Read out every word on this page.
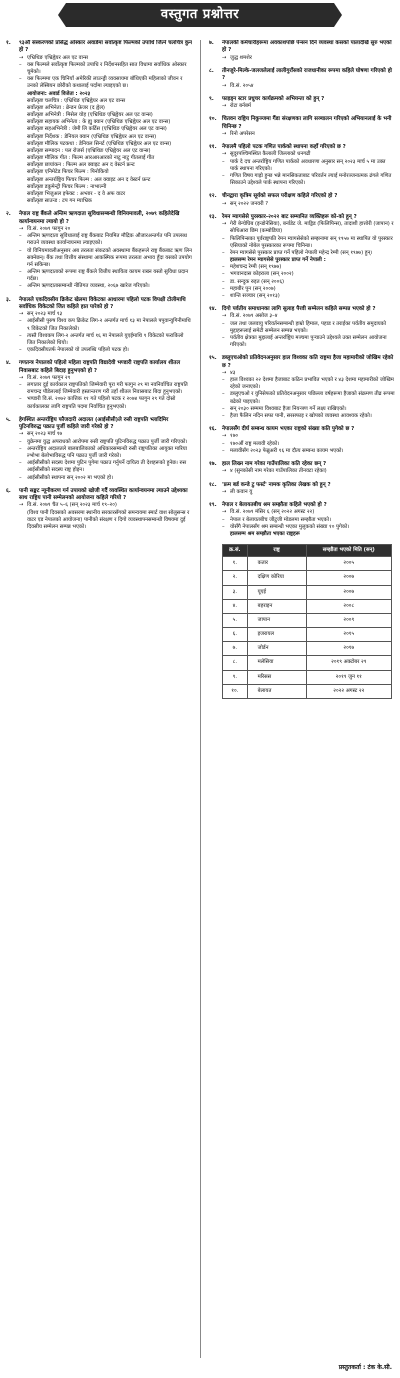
वस्तुगत प्रश्नोत्तर
१.	९३औं संस्करणको प्रसिद्ध ओस्कार अवार्डमा सर्वोत्कृष्ट फिल्मको उपाधि जित्ने चलचित्र कुन हो ?
→ एभ्रिथिङ एभ्रिह्वेयर अल एट वान्स
–	यस फिल्मले सर्वोत्कृष्ट फिल्मको उपाधि र निर्देशनसहित सात विधामा सर्वाधिक ओस्कार चुमेको।
–	यस फिल्ममा एक चिनियाँ अमेरिकी लाउन्ड्री व्यवसायमा बाँधिएकी महिलाको जीवन र उनको लेस्बियन छोरीको कथालाई पर्दामा ल्याइएको छ।
आयोजना: अवार्ड विजेता : २०२३
सर्वोत्कृष्ट चलचित्र : एभ्रिथिङ एभ्रिह्वेयर अल एट वान्स
सर्वोत्कृष्ट अभिनेता : ब्रेन्डन फ्रेजर (द ह्वेल)
सर्वोत्कृष्ट अभिनेत्री : मिसेल योह (एभ्रिथिङ एभ्रिह्वेयर अल एट वान्स)
सर्वोत्कृष्ट सहायक अभिनेता : के ह्यु क्वान (एभ्रिथिङ एभ्रिह्वेयर अल एट वान्स)
सर्वोत्कृष्ट सहअभिनेत्री : जेमी लि कर्टिस (एभ्रिथिङ एभ्रिह्वेयर अल एट वान्स)
सर्वोत्कृष्ट निर्देशक : डेनियल क्वान (एभ्रिथिङ एभ्रिह्वेयर अल एट वान्स)
सर्वोत्कृष्ट मौलिक पटकथा : डेनियल सिनर्ट (एभ्रिथिङ एभ्रिह्वेयर अल एट वान्स)
सर्वोत्कृष्ट सम्पादन : पल रोजर्स (एभ्रिथिङ एभ्रिह्वेयर अल एट वान्स)
सर्वोत्कृष्ट मौलिक गीत : फिल्म आरआरआरको नाटु नाटु गीतलाई गीत
सर्वोत्कृष्ट छायांकन : फिल्म अल क्वाइट अन द वेस्टर्न फ्रन्ट
सर्वोत्कृष्ट एनिमेटेड फिचर फिल्म : पिनोकियो
सर्वोत्कृष्ट अन्तर्राष्ट्रिय फिचर फिल्म : अल क्वाइट अन द वेस्टर्न फ्रन्ट
सर्वोत्कृष्ट डकुमेन्ट्री फिचर फिल्म : नाभाल्नी
सर्वोत्कृष्ट भिजुअल इफेक्ट : अभ्तार - द वे अफ वाटर
सर्वोत्कृष्ट साउन्ड : टप गन म्याभ्रिक
२.	नेपाल राष्ट्र बैंकले अन्तिम ऋणदाता सुविधासम्बन्धी विनियमावली, २०७९ कहिलेदेखि कार्यान्वयनमा ल्यायो हो ?
→ वि.सं. २०७९ फागुन २०
–	अन्तिम ऋणदाता सुविधालाई राष्ट्र बैंकबाट नियमित मौद्रिक औजारअन्तर्गत पनि उपलब्ध गराउने व्यवस्था कार्यान्वयनमा ल्याइएको।
–	यो विनियमावलीअनुसार अब तरलता संकटको अवस्थामा बैंकहरूले राष्ट्र बैंकबाट ऋण लिन सक्नेछन्। बैंक तथा वित्तीय संस्थामा आकस्मिक रूपमा तरलता अभाव हुँदा यसको उपयोग गर्न सकिन्छ।
–	अन्तिम ऋणदाताको रूपमा राष्ट्र बैंकले वित्तीय स्थायित्व कायम राख्न यस्तो सुविधा प्रदान गर्दछ।
–	अन्तिम ऋणदातासम्बन्धी नीतिगत व्यवस्था, २०६७ खारेज गरिएको।
३.	नेपालले एकदिवसीय क्रिकेट खेलमा विकेटका आधारमा पहिलो पटक विपक्षी टोलीमाथि सर्वाधिक विकेटको जित कहिले हात पारेको हो ?
→ सन् २०२३ मार्च १३
–	आईसीसी पुरुष विश्व कप क्रिकेट लिग-२ अन्तर्गत मार्च १३ मा नेपालले पपुवान्युगिनीमाथि ९ विकेटको जित निकालेको।
–	त्यस्तै विश्वकप लिग-२ अन्तर्गत मार्च १६ मा नेपालले युएईमाथि ९ विकेटको फराकिलो जित निकालेको थियो।
–	एकदिवसीयतर्फ नेपालको यो उपलब्धि पहिलो पटक हो।
४.	गणतन्त्र नेपालको पहिलो महिला राष्ट्रपति विद्यादेवी भण्डारी राष्ट्रपति कार्यालय शीतल निवासबाट कहिले बिदाइ हुनुभएको हो ?
→ वि.सं. २०७९ फागुन २९
–	लगातार दुई कार्यकाल राष्ट्रपतिको जिम्मेवारी पूरा गरी फागुन २९ मा नवनिर्वाचित राष्ट्रपति रामचन्द्र पौडेललाई जिम्मेवारी हस्तान्तरण गरी उहाँ शीतल निवासबाट बिदा हुनुभएको।
–	भण्डारी वि.सं. २०७२ कात्तिक ११ गते पहिलो पटक र २०७४ फागुन २९ गते दोस्रो कार्यकालका लागि राष्ट्रपति पदमा निर्वाचित हुनुभएको।
५.	हेगस्थित अन्तर्राष्ट्रिय फौजदारी अदालत (आईसीसी)ले रुसी राष्ट्रपति भ्लादिमिर पुटिनविरुद्ध पक्राउ पुर्जी कहिले जारी गरेको हो ?
→ सन् २०२३ मार्च १७
–	युक्रेनमा युद्ध अपराधको आरोपमा रुसी राष्ट्रपति पुटिनविरुद्ध पक्राउ पुर्जी जारी गरिएको।
–	अन्तर्राष्ट्रिय अदालतले बालबालिकाको अधिकारसम्बन्धी रुसी राष्ट्रपतिका आयुक्त मारिया ल्भोभा बेलोभाविरुद्ध पनि पक्राउ पुर्जी जारी गरेको।
–	आईसीसीको सदस्य देशमा पुटिन पुगेमा पक्राउ गर्नुपर्ने दायित्व ती देशहरूको हुनेछ। रुस आईसीसीको सदस्य राष्ट्र होइन।
–	आईसीसीको स्थापना सन् २००२ मा भएको हो।
६.	पानी सङ्कट न्यूनीकरण गर्न उपायको खोजी गर्दै व्यवस्थित कार्यान्वयनमा ल्याउने उद्देश्यका साथ राष्ट्रिय पानी सम्मेलनको आयोजना कहिले गरियो ?
→ वि.सं. २०७९ चैत ५–६ (सन् २०२३ मार्च १९–२०)
(विश्व पानी दिवसको अवसरमा स्थानीय सरकारसँगको समन्वयमा स्मार्ट वाश सोलुसन्स र वाटर एड नेपालको आयोजना) पानीको संरक्षण र दिगो व्यवस्थापनसम्बन्धी विषयमा दुई दिवसीय सम्मेलन सम्पन्न भएको।
७.	नेपालकी कर्मचारीहरूमा अवकाशपछि पेन्सन दिने व्यवस्था कसको पालादेखि सुरु भएको हो ?
→ जुद्ध शमशेर
८.	तीनजुरे-मिल्के-जलजलेलाई लालीगुराँसको राजधानीका रूपमा कहिले घोषणा गरिएको हो ?
→ वि.सं. २०५४
९.	फाइड्न स्टार प्रधुचर कार्यक्रमको अभियन्ता को हुन् ?
→ रोटा बर्नबर्म
१०. चितवन राष्ट्रिय निकुञ्जमा गैंडा संरक्षणका लागि सञ्चालन गरिएको अभियानलाई के भनी चिनिन्छ ?
→ रिनो अपरेसन
११. नेपालमै पहिलो पटक गणित पार्कको स्थापना कहाँ गरिएको छ ?
→ सुदूरपश्चिमस्थित कैलाली जिल्लाको धनगढी
–	पार्क दे दच अन्तर्राष्ट्रिय गणित पार्कको अवधारणा अनुसार सन् २०२३ मार्च ५ मा उक्त पार्क स्थापना गरिएको।
–	गणित विषय गाह्रो हुन्छ भन्ने मानसिकताबाट परिवर्तन ल्याई मनोरञ्जनात्मक ढंगले गणित सिकाउने उद्देश्यले पार्क स्थापना गरिएको।
१२. चीनद्वारा कृत्रिम सूर्यको सफल परीक्षण कहिले गरिएको हो ?
→ सन् २०२२ जनवरी ?
१३. रेमन म्यागसेसे पुरस्कार-२०२२ बाट सम्मानित व्यक्तिहरू को-को हुन् ?
→ गेरी बेन्चेघिब (इन्डोनेसिया), बर्नाडेट जे. माड्रिड (फिलिपिन्स), तादाशी हात्तोरी (जापान) र सोथिआरा छिम (कम्बोडिया)
–	फिलिपिन्सका पूर्वराष्ट्रपति रेमन म्यागसेसेको सम्झनामा सन् १९५७ मा स्थापित यो पुरस्कार एसियाको नोबेल पुरस्कारका रूपमा चिनिन्छ।
–	रेमन म्यागसेसे पुरस्कार प्राप्त गर्ने पहिलो नेपाली महेन्द्र रेग्मी (सन् १९७७) हुन्।
हालसम्म रेमन म्यागसेसे पुरस्कार प्राप्त गर्ने नेपाली :
–	महेशचन्द्र रेग्मी (सन् १९७७)
–	भगवानदास कोइराला (सन् २००२)
–	डा. सन्दुक रुइत (सन् २००६)
–	महाबीर पुन (सन् २००७)
–	शान्ति सञ्चार (सन् २०१३)
१४. दिगो पर्वतीय समाधानका लागि सुलाह पैरवी सम्मेलन कहिले सम्पन्न भएको हो ?
→ वि.सं. २०७९ असोज ३–४
–	जल तथा जलवायु परिवर्तनसम्बन्धी हाम्रो हिमाल, पहाड र तराईका पर्वतीय समुदायको मुद्दाहरूलाई समेटी सम्मेलन सम्पन्न भएको।
–	पर्वतीय क्षेत्रका मुद्दालाई अन्तर्राष्ट्रिय मञ्चमा पुर्‍याउने उद्देश्यले उक्त सम्मेलन आयोजना गरिएको।
१५. डब्लुएचओको प्रतिवेदनअनुसार हाल विश्वका कति राष्ट्रमा हैजा महामारीको जोखिम रहेको छ ?
→ ४३
–	हाल विश्वका २२ देशमा हैजाबाट कठिन प्रभावित भएको र ४३ देशमा महामारीको जोखिम रहेको जनाएको।
–	डब्लुएचओ र युनिसेफको प्रतिवेदनअनुसार पछिल्ला वर्षहरूमा हैजाको संक्रमण तीव्र रूपमा बढेको पाइएको।
–	सन् २०३० सम्ममा विश्वबाट हैजा नियन्त्रण गर्ने लक्ष्य राखिएको।
–	हैजा फैलिन नदिन सफा पानी, सरसफाइ र खोपको व्यवस्था आवश्यक रहेको।
१६. नेपालसँग दीर्घ सम्बन्ध कायम भएका राष्ट्रको संख्या कति पुगेको छ ?
→ १७०
–	१७०औं राष्ट्र मलावी रहेको।
–	मलावीसँग २०२३ फेब्रुअरी १६ मा दौत्य सम्बन्ध कायम भएको।
१७. हाल लिख्न नाम गरेका गाउँपालिका कति रहेका छन् ?
→ ४ (सुनकोसी नाम गरेका गाउँपालिका तीनवटा रहेका)
१८. 'फ्रम बर्ड कन्डे टु फर्स्ट' नामक कृतिका लेखक को हुन् ?
→ ली कवान यु
१९. नेपाल र बेलायतबीच श्रम सम्झौता कहिले भएको हो ?
→ वि.सं. २०७९ मंसिर ६ (सन् २०२२ अगस्ट २२)
–	नेपाल र बेलायतबीच जीटुजी मोडलमा सम्झौता भएको।
–	योसँगै नेपालसँग श्रम सम्बन्धी भएका मुलुकको संख्या १० पुगेको।
हालसम्म श्रम सम्झौता भएका राष्ट्रहरू
क्र.सं.	राष्ट्र	सम्झौता भएको मिति (सन्)
१.	कतार	२००५
२.	दक्षिण कोरिया	२००७
३.	यूएई	२००७
४.	बहराइन	२००८
५.	जापान	२००९
६.	इजरायल	२०१५
७.	जोर्डन	२०१७
८.	मलेसिया	२०१९ अक्टोबर २९
९.	मरिसस	२०१९ जुन ११
१०.	बेलायत	२०२२ अगस्ट २२
प्रस्तुतकर्ता : टंक के.सी.
